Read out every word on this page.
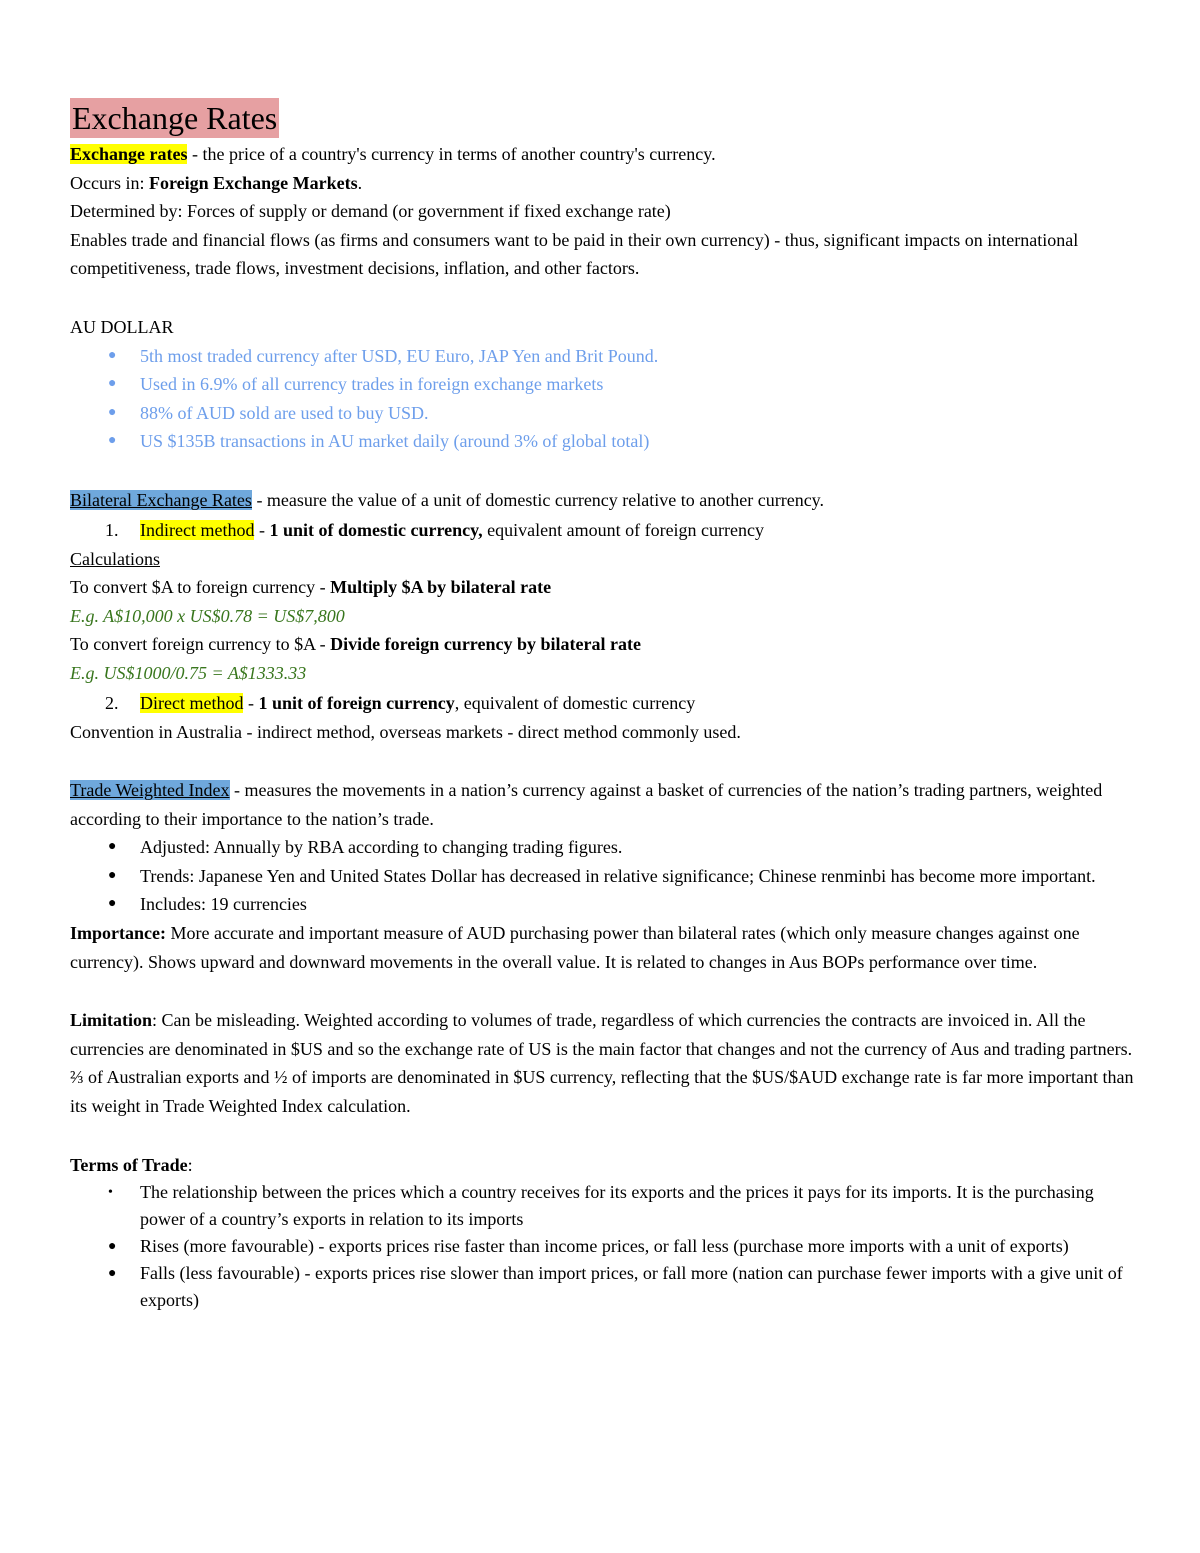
Exchange Rates

Exchange rates - the price of a country's currency in terms of another country's currency.

Occurs in: Foreign Exchange Markets.

Determined by: Forces of supply or demand (or government if fixed exchange rate)

Enables trade and financial flows (as firms and consumers want to be paid in their own currency) - thus, significant impacts on international competitiveness, trade flows, investment decisions, inflation, and other factors.

AU DOLLAR

● 5th most traded currency after USD, EU Euro, JAP Yen and Brit Pound.
● Used in 6.9% of all currency trades in foreign exchange markets
● 88% of AUD sold are used to buy USD.
● US $135B transactions in AU market daily (around 3% of global total)

Bilateral Exchange Rates - measure the value of a unit of domestic currency relative to another currency.

1. Indirect method - 1 unit of domestic currency, equivalent amount of foreign currency

Calculations

To convert $A to foreign currency - Multiply $A by bilateral rate

E.g. A$10,000 x US$0.78 = US$7,800

To convert foreign currency to $A - Divide foreign currency by bilateral rate

E.g. US$1000/0.75 = A$1333.33

2. Direct method - 1 unit of foreign currency, equivalent of domestic currency

Convention in Australia - indirect method, overseas markets - direct method commonly used.

Trade Weighted Index - measures the movements in a nation’s currency against a basket of currencies of the nation’s trading partners, weighted according to their importance to the nation’s trade.

● Adjusted: Annually by RBA according to changing trading figures.
● Trends: Japanese Yen and United States Dollar has decreased in relative significance; Chinese renminbi has become more important.
● Includes: 19 currencies

Importance: More accurate and important measure of AUD purchasing power than bilateral rates (which only measure changes against one currency). Shows upward and downward movements in the overall value. It is related to changes in Aus BOPs performance over time.

Limitation: Can be misleading. Weighted according to volumes of trade, regardless of which currencies the contracts are invoiced in. All the currencies are denominated in $US and so the exchange rate of US is the main factor that changes and not the currency of Aus and trading partners. ⅔ of Australian exports and ½ of imports are denominated in $US currency, reflecting that the $US/$AUD exchange rate is far more important than its weight in Trade Weighted Index calculation.

Terms of Trade:

• The relationship between the prices which a country receives for its exports and the prices it pays for its imports. It is the purchasing power of a country’s exports in relation to its imports
● Rises (more favourable) - exports prices rise faster than income prices, or fall less (purchase more imports with a unit of exports)
● Falls (less favourable) - exports prices rise slower than import prices, or fall more (nation can purchase fewer imports with a give unit of exports)
